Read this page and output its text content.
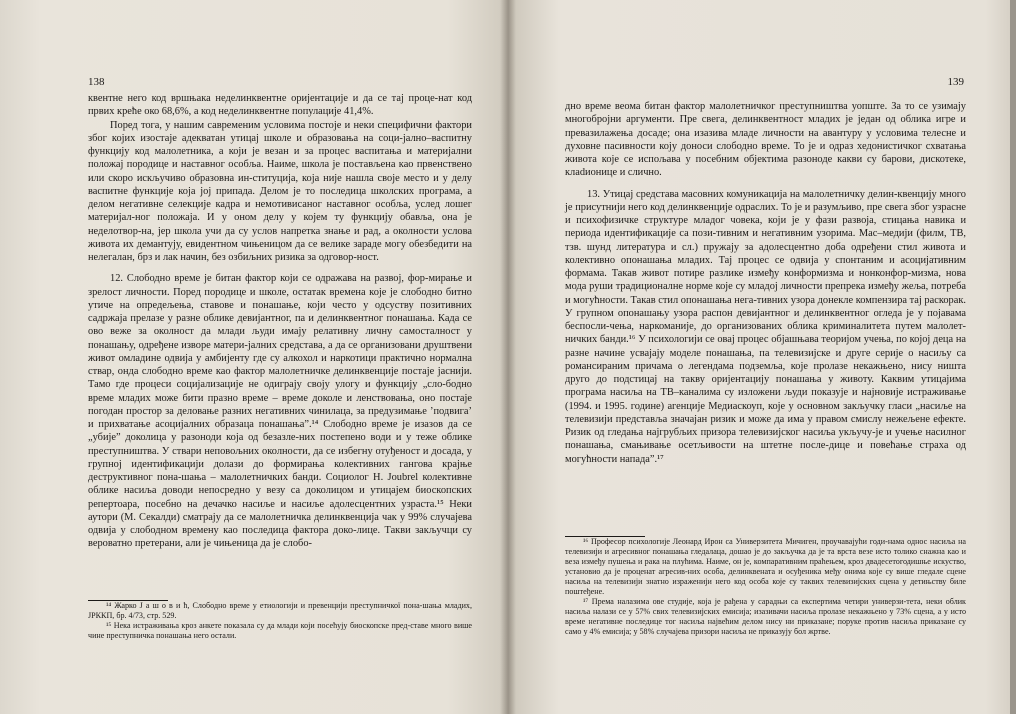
138

квентне него код вршњака неделинквентне оријентације и да се тај проце-нат код првих креће око 68,6%, а код неделинквентне популације 41,4%.

Поред тога, у нашим савременим условима постоје и неки специфични фактори због којих изостаје адекватан утицај школе и образовања на соци-јално–васпитну функцију код малолетника, а који је везан и за процес васпитања и материјални положај породице и наставног особља. Наиме, школа је постављена као првенствено или скоро искључиво образовна ин-ституција, која није нашла своје место и у делу васпитне функције која јој припада. Делом је то последица школских програма, а делом негативне селекције кадра и немотивисаног наставног особља, услед лошег материјал-ног положаја. И у оном делу у којем ту функцију обавља, она је неделотвор-на, јер школа учи да су услов напретка знање и рад, а околности услова живота их демантују, евидентном чињеницом да се велике зараде могу обезбедити на нелегалан, брз и лак начин, без озбиљних ризика за одговор-ност.

12. Слободно време је битан фактор који се одражава на развој, фор-мирање и зрелост личности. Поред породице и школе, остатак времена које је слободно битно утиче на опредељења, ставове и понашање, који често у одсуству позитивних садржаја прелазе у разне облике девијантног, па и делинквентног понашања. Када се ово веже за околност да млади људи имају релативну личну самосталност у понашању, одређене изворе матери-јалних средстава, а да се организовани друштвени живот омладине одвија у амбијенту где су алкохол и наркотици практично нормална ствар, онда слободно време као фактор малолетничке делинквенције постаје јаснији. Тамо где процеси социјализације не одиграју своју улогу и функцију „сло-бодно време младих може бити празно време – време доколе и ленствовања, оно постаје погодан простор за деловање разних негативних чинилаца, за предузимање ’подвига’ и прихватање асоцијалних образаца понашања”.¹⁴ Слободно време је изазов да се „убије” доколица у разоноди која од безазле-них постепено води и у теже облике преступништва. У ствари неповољних околности, да се избегну отуђеност и досада, у групној идентификацији долази до формирања колективних гангова крајње деструктивног пона-шања – малолетничких банди. Социолог Н. Joubrel колективне облике насиља доводи непосредно у везу са доколицом и утицајем биоскопских репертоара, посебно на дечачко насиље и насиље адолесцентних узраста.¹⁵ Неки аутори (М. Секалди) сматрају да се малолетничка делинквенција чак у 99% случајева одвија у слободном времену као последица фактора доко-лице. Такви закључци су вероватно претерани, али је чињеница да је слобо-

¹⁴ Жарко Ј а ш о в и ћ, Слободно време у етиологији и превенцији преступничкої пона-шања младих, ЈРККП, бр. 4/73, стр. 529.

¹⁵ Нека истраживања кроз анкете показала су да млади који посећују биоскопске пред-ставе много више чине преступничка понашања него остали.

139

дно време веома битан фактор малолетничког преступништва уопште. За то се узимају многобројни аргументи. Пре свега, делинквентност младих је један од облика игре и превазилажења досаде; она изазива младе личности на авантуру у условима телесне и духовне пасивности коју доноси слободно време. То је и одраз хедонистичког схватања живота које се испољава у посебним објектима разоноде какви су барови, дискотеке, клadионице и слично.

13. Утицај средстава масовних комуникација на малолетничку делин-квенцију много је присутнији него код делинквенције одраслих. То је и разумљиво, пре свега због узрасне и психофизичке структуре младог човека, који је у фази развоја, стицања навика и периода идентификације са пози-тивним и негативним узорима. Мас–медији (филм, ТВ, тзв. шунд литература и сл.) пружају за адолесцентно доба одређени стил живота и колективно опонашања младих. Тај процес се одвија у спонтаним и асоцијативним формама. Такав живот потире разлике између конформизма и нонконфор-мизма, нова мода руши традиционалне норме које су младој личности препрека између жеља, потреба и могућности. Такав стил опонашања нега-тивних узора донекле компензира тај раскорак. У групном опонашању узора распон девијантног и делинквентног огледа је у појавама беспосли-чења, наркоманије, до организованих облика криминалитета путем малолет-ничких банди.¹⁶ У психологији се овај процес објашњава теоријом учења, по којој деца на разне начине усвајају моделе понашања, па телевизијске и друге серије о насиљу са романсираним причама о легендама подземља, које пролазе некажњено, нису ништа друго до подстицај на такву оријентацију понашања у животу. Каквим утицајима програма насиља на ТВ–каналима су изложени људи показује и најновије истраживање (1994. и 1995. године) агенције Медиаскоуп, које у основном закључку гласи „насиље на телевизији представља значајан ризик и може да има у правом смислу нежељене ефекте. Ризик од гледања најгрубљих призора телевизијског насиља укључу-је и учење насилног понашања, смањивање осетљивости на штетне после-дице и повећање страха од могућности напада”.¹⁷

¹⁶ Професор психологије Леонард Ирон са Универзитета Мичиген, проучавајући годи-нама однос насиља на телевизији и агресивног понашања гледалаца, дошао је до закључка да је та врста везе исто толико снажна као и веза између пушења и рака на плућима. Наиме, он је, компаративним праћењем, кроз двадесетогодишње искуство, установио да је проценат агресив-них особа, делинквената и осуђеника међу онима које су више гледале сцене насиља на телевизији знатно израженији него код особа које су таквих телевизијских сцена у детињству биле поштеђене.

¹⁷ Према налазима ове студије, која је рађена у сарадњи са експертима четири универзи-тета, неки облик насиља налази се у 57% свих телевизијских емисија; изазивачи насиља пролазе некажњено у 73% сцена, а у исто време негативне последице тог насиља највећим делом нису ни приказане; поруке против насиља приказане су само у 4% емисија; у 58% случајева призори насиља не приказују бол жртве.
